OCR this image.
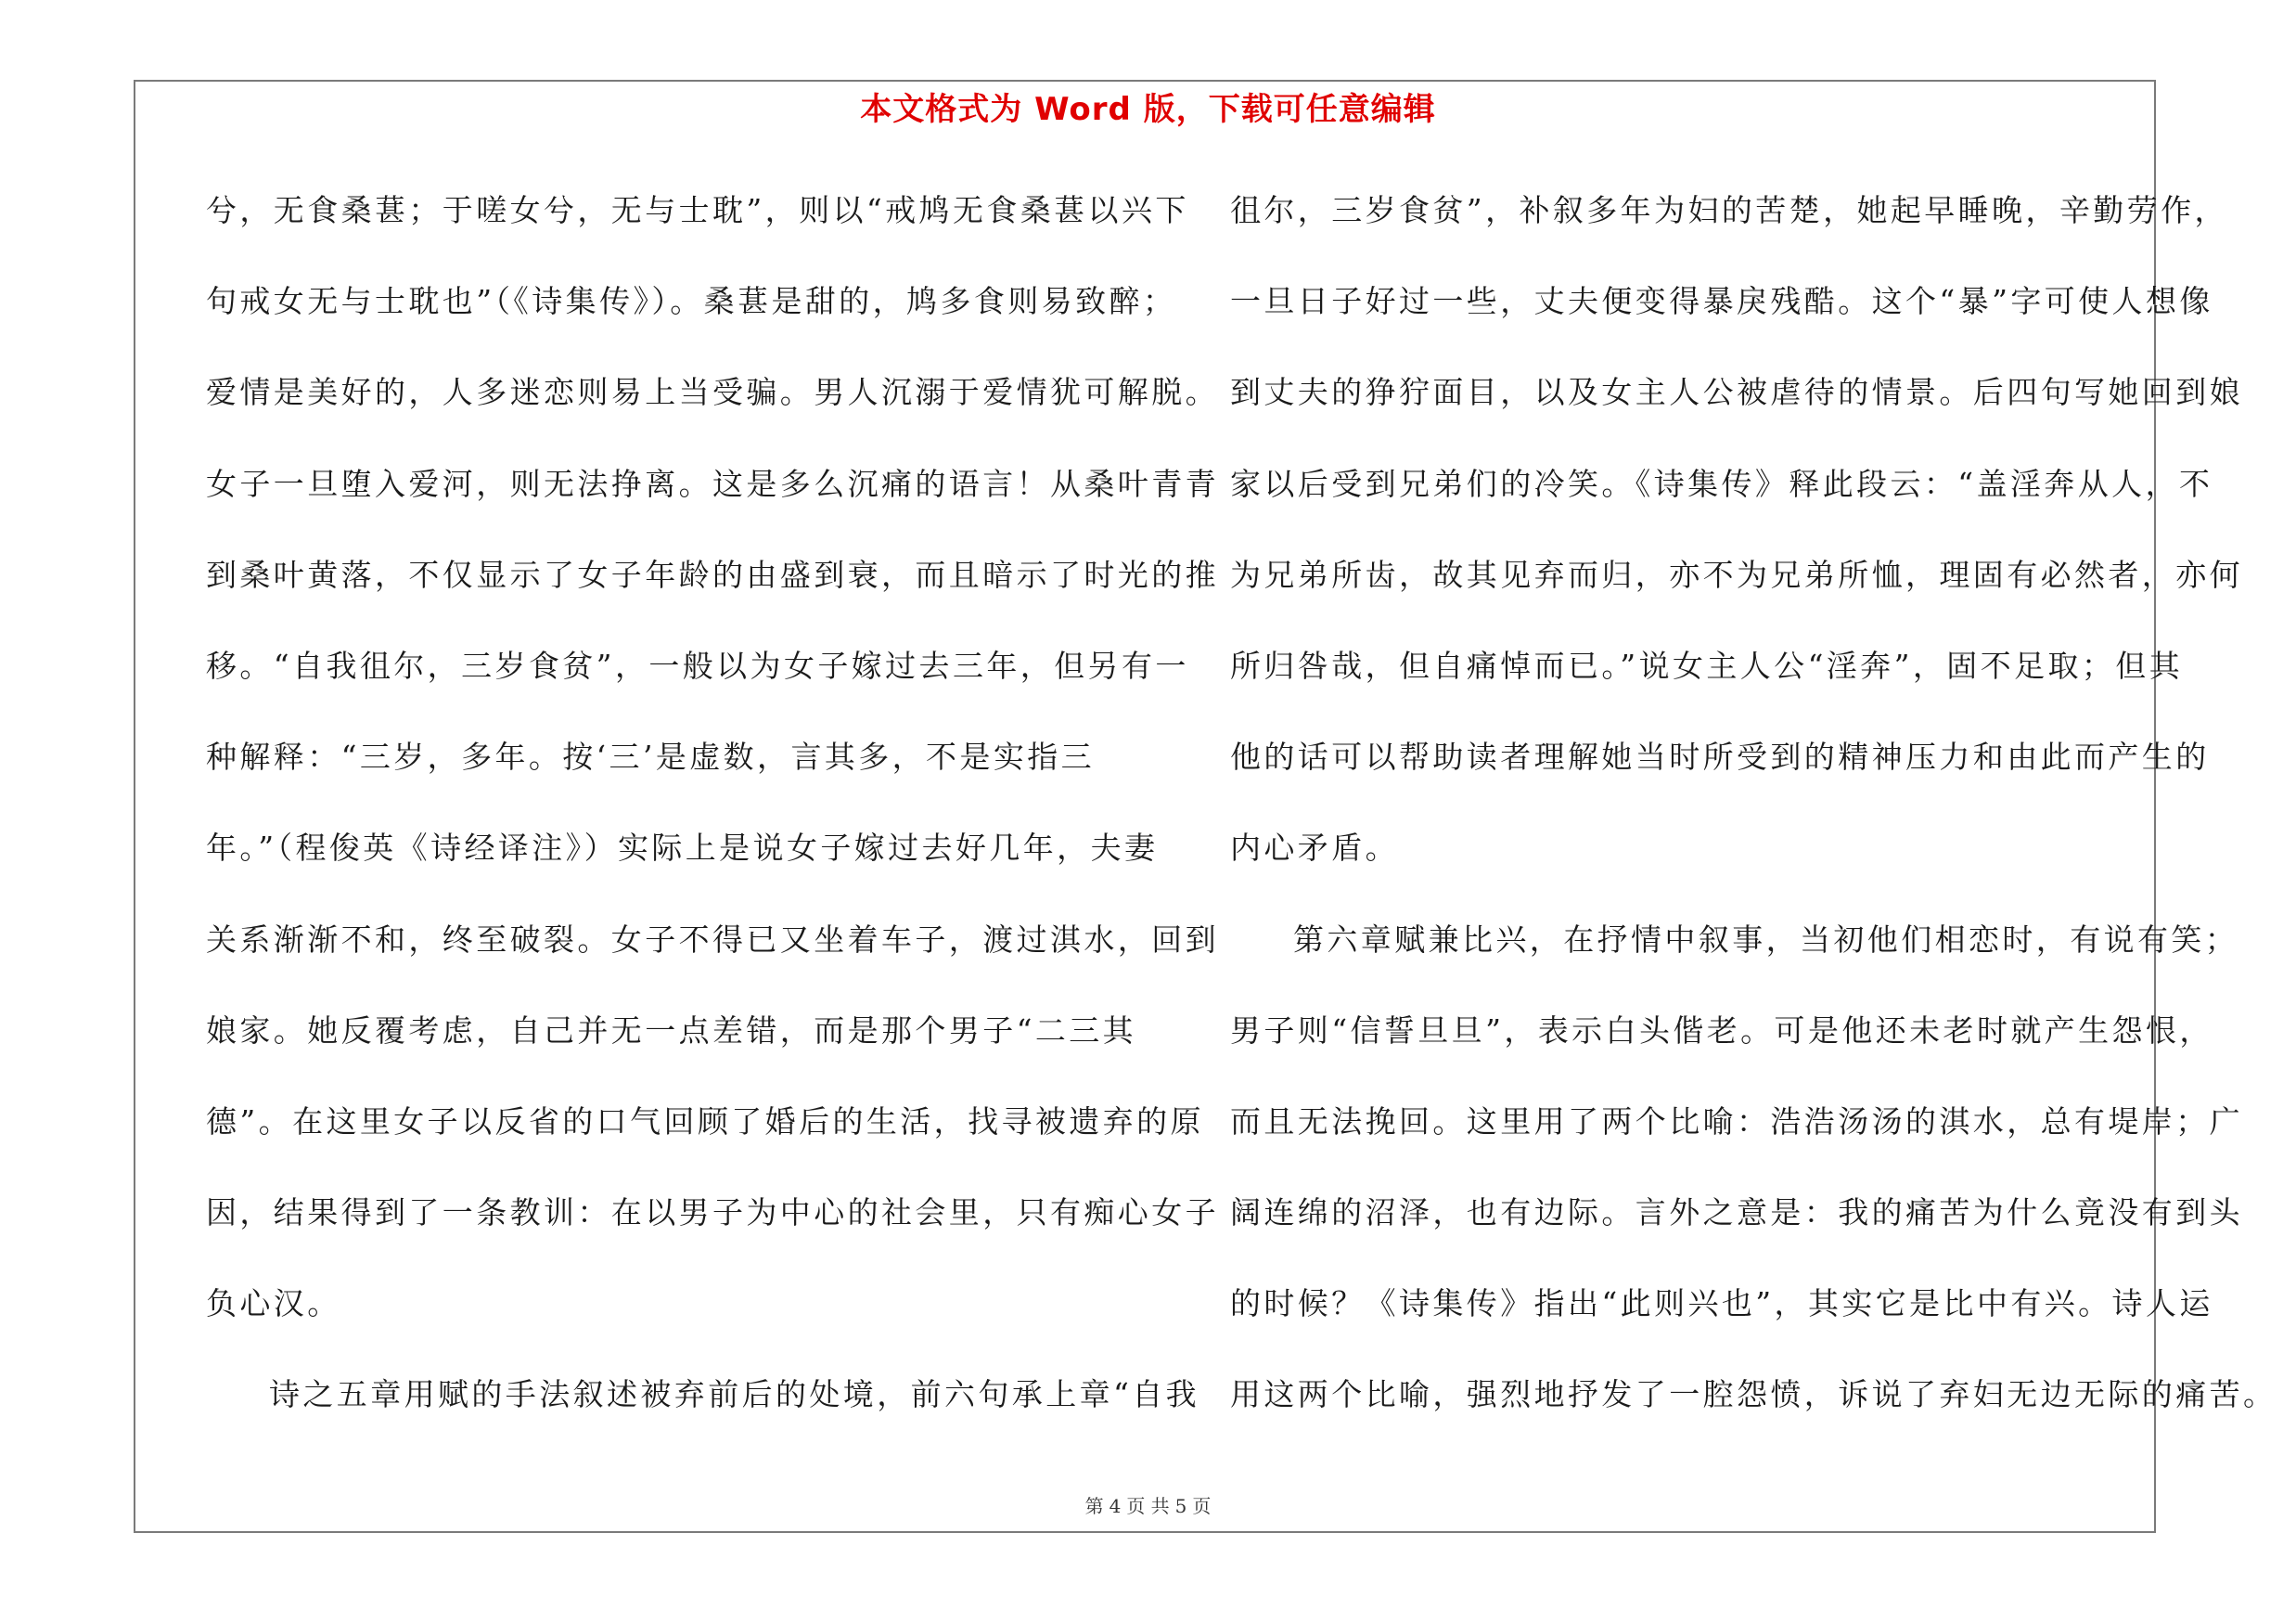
本文格式为 Word 版，下载可任意编辑
兮，无食桑葚；于嗟女兮，无与士耽”，则以“戒鸠无食桑葚以兴下
句戒女无与士耽也”（《诗集传》）。桑葚是甜的，鸠多食则易致醉；
爱情是美好的，人多迷恋则易上当受骗。男人沉溺于爱情犹可解脱。
女子一旦堕入爱河，则无法挣离。这是多么沉痛的语言！从桑叶青青
到桑叶黄落，不仅显示了女子年龄的由盛到衰，而且暗示了时光的推
移。“自我徂尔，三岁食贫”，一般以为女子嫁过去三年，但另有一
种解释：“三岁，多年。按‘三’是虚数，言其多，不是实指三
年。”（程俊英《诗经译注》）实际上是说女子嫁过去好几年，夫妻
关系渐渐不和，终至破裂。女子不得已又坐着车子，渡过淇水，回到
娘家。她反覆考虑，自己并无一点差错，而是那个男子“二三其
德”。在这里女子以反省的口气回顾了婚后的生活，找寻被遗弃的原
因，结果得到了一条教训：在以男子为中心的社会里，只有痴心女子
负心汉。
诗之五章用赋的手法叙述被弃前后的处境，前六句承上章“自我
徂尔，三岁食贫”，补叙多年为妇的苦楚，她起早睡晚，辛勤劳作，
一旦日子好过一些，丈夫便变得暴戾残酷。这个“暴”字可使人想像
到丈夫的狰狞面目，以及女主人公被虐待的情景。后四句写她回到娘
家以后受到兄弟们的冷笑。《诗集传》释此段云：“盖淫奔从人，不
为兄弟所齿，故其见弃而归，亦不为兄弟所恤，理固有必然者，亦何
所归咎哉，但自痛悼而已。”说女主人公“淫奔”，固不足取；但其
他的话可以帮助读者理解她当时所受到的精神压力和由此而产生的
内心矛盾。
第六章赋兼比兴，在抒情中叙事，当初他们相恋时，有说有笑；
男子则“信誓旦旦”，表示白头偕老。可是他还未老时就产生怨恨，
而且无法挽回。这里用了两个比喻：浩浩汤汤的淇水，总有堤岸；广
阔连绵的沼泽，也有边际。言外之意是：我的痛苦为什么竟没有到头
的时候？《诗集传》指出“此则兴也”，其实它是比中有兴。诗人运
用这两个比喻，强烈地抒发了一腔怨愤，诉说了弃妇无边无际的痛苦。
第 4 页 共 5 页
